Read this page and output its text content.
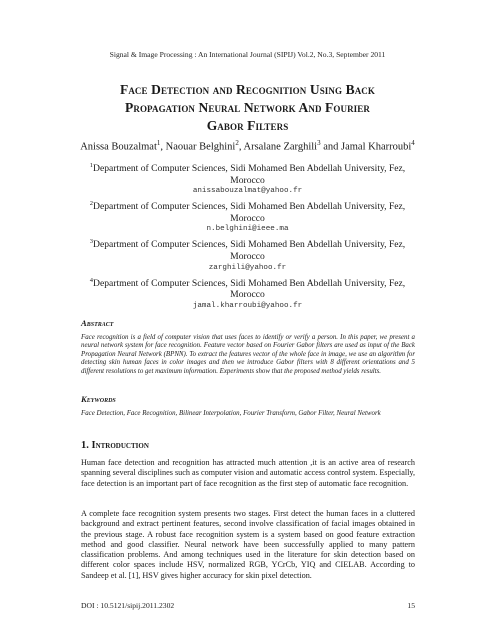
Signal & Image Processing : An International Journal (SIPIJ) Vol.2, No.3, September 2011
Face Detection and Recognition Using Back
Propagation Neural Network And Fourier
Gabor Filters
Anissa Bouzalmat$^1$, Naouar Belghini$^2$, Arsalane Zarghili$^3$ and Jamal Kharroubi$^4$
$^1$Department of Computer Sciences, Sidi Mohamed Ben Abdellah University, Fez,
Morocco
anissabouzalmat@yahoo.fr
$^2$Department of Computer Sciences, Sidi Mohamed Ben Abdellah University, Fez,
Morocco
n.belghini@ieee.ma
$^3$Department of Computer Sciences, Sidi Mohamed Ben Abdellah University, Fez,
Morocco
zarghili@yahoo.fr
$^4$Department of Computer Sciences, Sidi Mohamed Ben Abdellah University, Fez,
Morocco
jamal.kharroubi@yahoo.fr
Abstract
Face recognition is a field of computer vision that uses faces to identify or verify a person. In this paper, we present a neural network system for face recognition. Feature vector based on Fourier Gabor filters are used as input of the Back Propagation Neural Network (BPNN). To extract the features vector of the whole face in image, we use an algorithm for detecting skin human faces in color images and then we introduce Gabor filters with 8 different orientations and 5 different resolutions to get maximum information. Experiments show that the proposed method yields results.
Keywords
Face Detection, Face Recognition, Bilinear Interpolation, Fourier Transform, Gabor Filter, Neural Network
1. Introduction
Human face detection and recognition has attracted much attention ,it is an active area of research spanning several disciplines such as computer vision and automatic access control system. Especially, face detection is an important part of face recognition as the first step of automatic face recognition.
A complete face recognition system presents two stages. First detect the human faces in a cluttered background and extract pertinent features, second involve classification of facial images obtained in the previous stage. A robust face recognition system is a system based on good feature extraction method and good classifier. Neural network have been successfully applied to many pattern classification problems. And among techniques used in the literature for skin detection based on different color spaces include HSV, normalized RGB, YCrCb, YIQ and CIELAB. According to Sandeep et al. [1], HSV gives higher accuracy for skin pixel detection.
DOI : 10.5121/sipij.2011.2302	15
